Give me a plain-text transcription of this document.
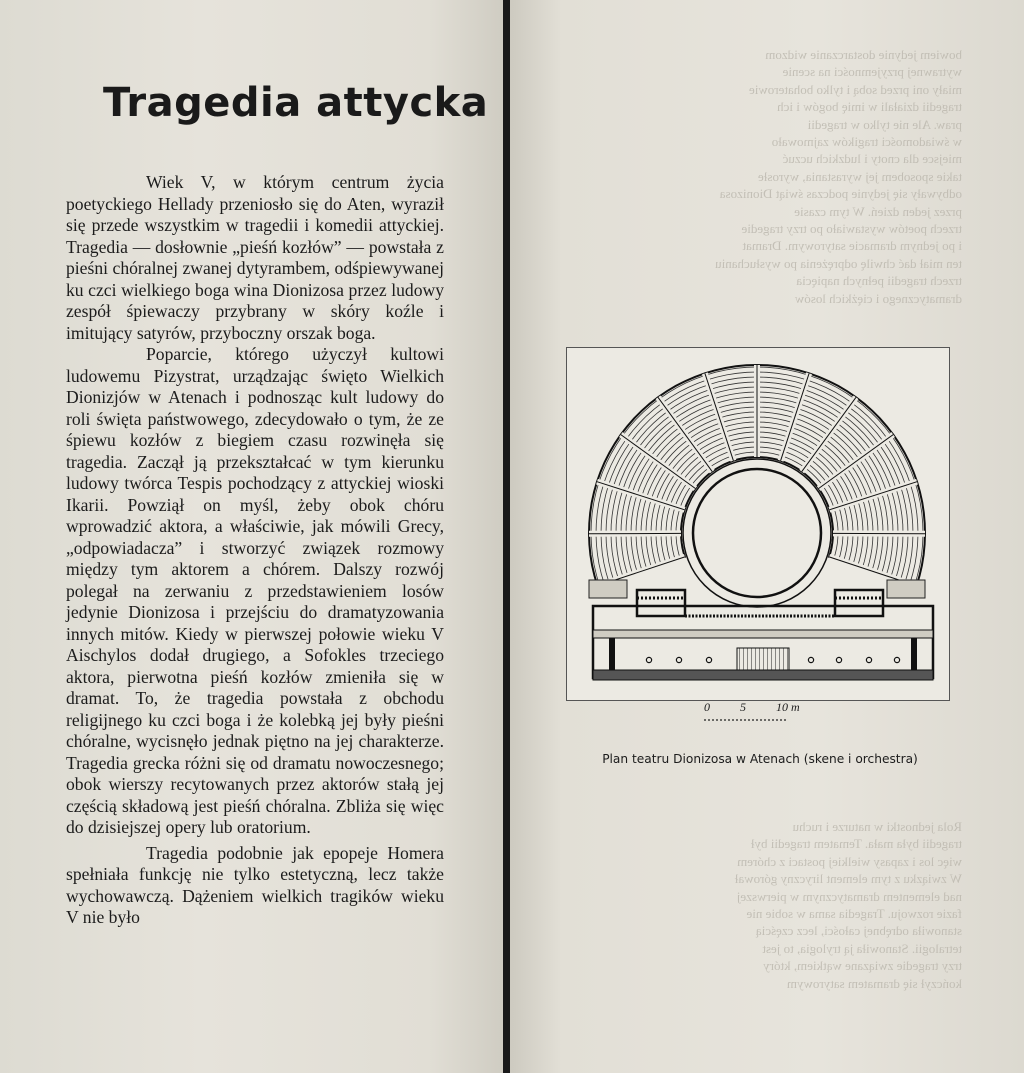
Tragedia attycka

Wiek V, w którym centrum życia poetyckiego Hellady przeniosło się do Aten, wyraził się przede wszystkim w tragedii i komedii attyckiej. Tragedia — dosłownie „pieśń kozłów” — powstała z pieśni chóralnej zwanej dytyrambem, odśpiewywanej ku czci wielkiego boga wina Dionizosa przez ludowy zespół śpiewaczy przybrany w skóry koźle i imitujący satyrów, przyboczny orszak boga.

Poparcie, którego użyczył kultowi ludowemu Pizystrat, urządzając święto Wielkich Dionizjów w Atenach i podnosząc kult ludowy do roli święta państwowego, zdecydowało o tym, że ze śpiewu kozłów z biegiem czasu rozwinęła się tragedia. Zaczął ją przekształcać w tym kierunku ludowy twórca Tespis pochodzący z attyckiej wioski Ikarii. Powziął on myśl, żeby obok chóru wprowadzić aktora, a właściwie, jak mówili Grecy, „odpowiadacza” i stworzyć związek rozmowy między tym aktorem a chórem. Dalszy rozwój polegał na zerwaniu z przedstawieniem losów jedynie Dionizosa i przejściu do dramatyzowania innych mitów. Kiedy w pierwszej połowie wieku V Aischylos dodał drugiego, a Sofokles trzeciego aktora, pierwotna pieśń kozłów zmieniła się w dramat. To, że tragedia powstała z obchodu religijnego ku czci boga i że kolebką jej były pieśni chóralne, wycisnęło jednak piętno na jej charakterze. Tragedia grecka różni się od dramatu nowoczesnego; obok wierszy recytowanych przez aktorów stałą jej częścią składową jest pieśń chóralna. Zbliża się więc do dzisiejszej opery lub oratorium.

Tragedia podobnie jak epopeje Homera spełniała funkcję nie tylko estetyczną, lecz także wychowawczą. Dążeniem wielkich tragików wieku V nie było

bowiem jedynie dostarczanie widzom
wytrawnej przyjemności na scenie
miały oni przed sobą i tylko bohaterowie
tragedii działali w imię bogów i ich
praw. Ale nie tylko w tragedii
w świadomości tragików zajmowało
miejsce dla cnoty i ludzkich uczuć
takie sposobem jej wyrastania, wyrosłe
odbywały się jedynie podczas świąt Dionizosa
przez jeden dzień. W tym czasie
trzech poetów wystawiało po trzy tragedie
i po jednym dramacie satyrowym. Dramat
ten miał dać chwilę odprężenia po wysłuchaniu
trzech tragedii pełnych napięcia
dramatycznego i ciężkich losów
Rola jednostki w naturze i ruchu
tragedii była mała. Tematem tragedii był
więc los i zapasy wielkiej postaci z chórem
W związku z tym element liryczny górował
nad elementem dramatycznym w pierwszej
fazie rozwoju. Tragedia sama w sobie nie
stanowiła odrębnej całości, lecz częścią
tetralogii. Stanowiła ją trylogia, to jest
trzy tragedie związane wątkiem, który
kończył się dramatem satyrowym
0	5	10 m
Plan teatru Dionizosa w Atenach (skene i orchestra)
